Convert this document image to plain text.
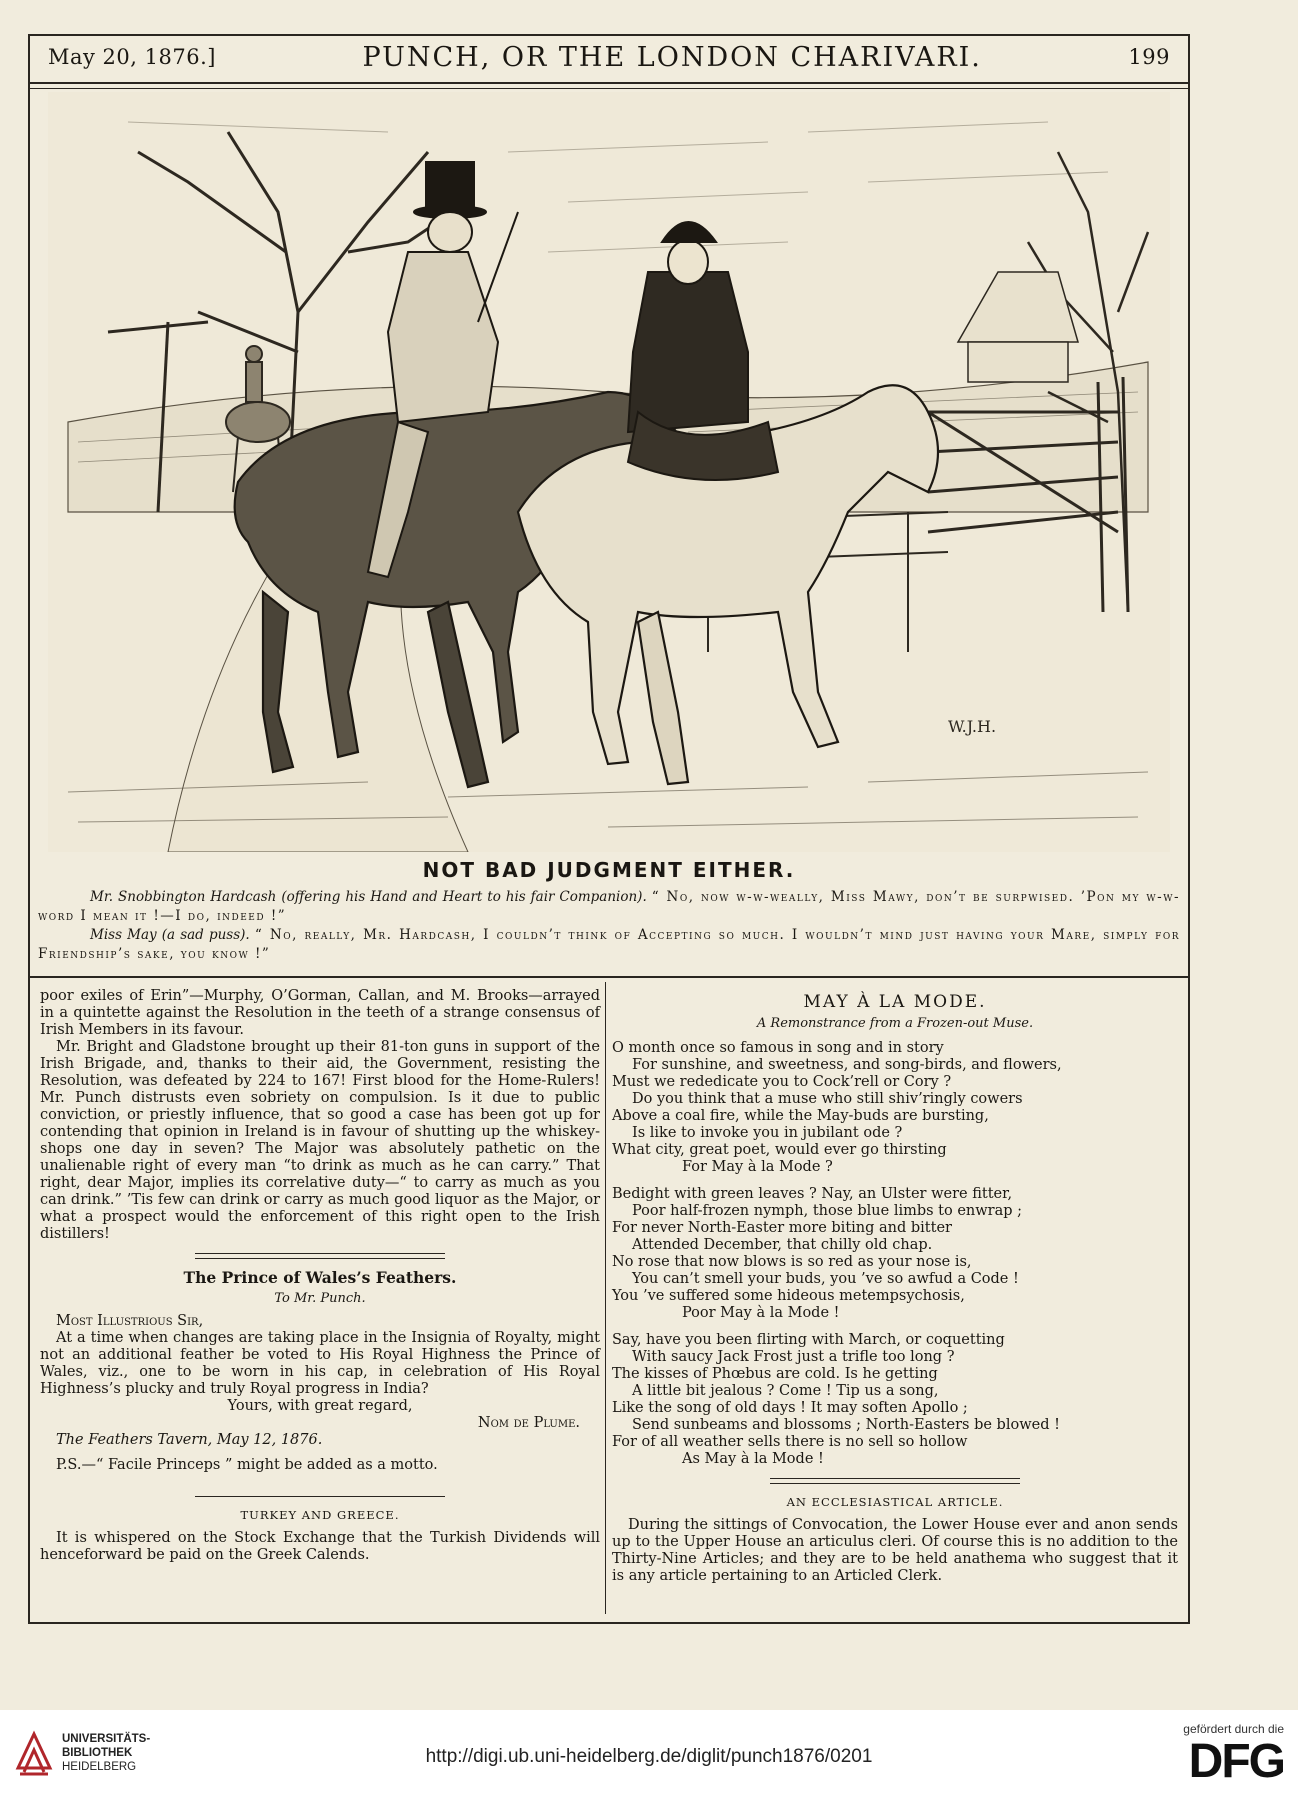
May 20, 1876.]	PUNCH, OR THE LONDON CHARIVARI.	199
W.J.H.
NOT BAD JUDGMENT EITHER.

Mr. Snobbington Hardcash (offering his Hand and Heart to his fair Companion). “ No, now w-w-weally, Miss Mawy, don’t be surpwised. ’Pon my w-w-word I mean it !—I do, indeed !”

Miss May (a sad puss). “ No, really, Mr. Hardcash, I couldn’t think of Accepting so much. I wouldn’t mind just having your Mare, simply for Friendship’s sake, you know !”

poor exiles of Erin”—Murphy, O’Gorman, Callan, and M. Brooks—arrayed in a quintette against the Resolution in the teeth of a strange consensus of Irish Members in its favour.

Mr. Bright and Gladstone brought up their 81-ton guns in support of the Irish Brigade, and, thanks to their aid, the Government, resisting the Resolution, was defeated by 224 to 167! First blood for the Home-Rulers! Mr. Punch distrusts even sobriety on compulsion. Is it due to public conviction, or priestly influence, that so good a case has been got up for contending that opinion in Ireland is in favour of shutting up the whiskey-shops one day in seven? The Major was absolutely pathetic on the unalienable right of every man “to drink as much as he can carry.” That right, dear Major, implies its correlative duty—“ to carry as much as you can drink.” ’Tis few can drink or carry as much good liquor as the Major, or what a prospect would the enforcement of this right open to the Irish distillers!

The Prince of Wales’s Feathers.
To Mr. Punch.

Most Illustrious Sir,

At a time when changes are taking place in the Insignia of Royalty, might not an additional feather be voted to His Royal Highness the Prince of Wales, viz., one to be worn in his cap, in celebration of His Royal Highness’s plucky and truly Royal progress in India?

Yours, with great regard,

Nom de Plume.

The Feathers Tavern, May 12, 1876.

P.S.—“ Facile Princeps ” might be added as a motto.

TURKEY AND GREECE.

It is whispered on the Stock Exchange that the Turkish Dividends will henceforward be paid on the Greek Calends.

MAY À LA MODE.
A Remonstrance from a Frozen-out Muse.

O month once so famous in song and in story

For sunshine, and sweetness, and song-birds, and flowers,

Must we rededicate you to Cock’rell or Cory ?

Do you think that a muse who still shiv’ringly cowers

Above a coal fire, while the May-buds are bursting,

Is like to invoke you in jubilant ode ?

What city, great poet, would ever go thirsting

For May à la Mode ?

Bedight with green leaves ? Nay, an Ulster were fitter,

Poor half-frozen nymph, those blue limbs to enwrap ;

For never North-Easter more biting and bitter

Attended December, that chilly old chap.

No rose that now blows is so red as your nose is,

You can’t smell your buds, you ’ve so awfud a Code !

You ’ve suffered some hideous metempsychosis,

Poor May à la Mode !

Say, have you been flirting with March, or coquetting

With saucy Jack Frost just a trifle too long ?

The kisses of Phœbus are cold. Is he getting

A little bit jealous ? Come ! Tip us a song,

Like the song of old days ! It may soften Apollo ;

Send sunbeams and blossoms ; North-Easters be blowed !

For of all weather sells there is no sell so hollow

As May à la Mode !

AN ECCLESIASTICAL ARTICLE.

During the sittings of Convocation, the Lower House ever and anon sends up to the Upper House an articulus cleri. Of course this is no addition to the Thirty-Nine Articles; and they are to be held anathema who suggest that it is any article pertaining to an Articled Clerk.

UNIVERSITÄTS-
BIBLIOTHEK
HEIDELBERG	http://digi.ub.uni-heidelberg.de/diglit/punch1876/0201
gefördert durch die
DFG
